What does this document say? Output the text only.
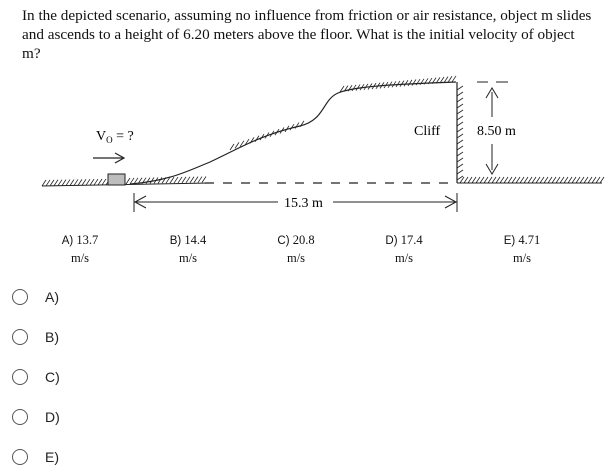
In the depicted scenario, assuming no influence from friction or air resistance, object m slides and ascends to a height of 6.20 meters above the floor. What is the initial velocity of object m?

$V_O$ = ?
15.3 m
8.50 m
Cliff
A) 13.7
m/s
B) 14.4
m/s
C) 20.8
m/s
D) 17.4
m/s
E) 4.71
m/s
A)
B)
C)
D)
E)
